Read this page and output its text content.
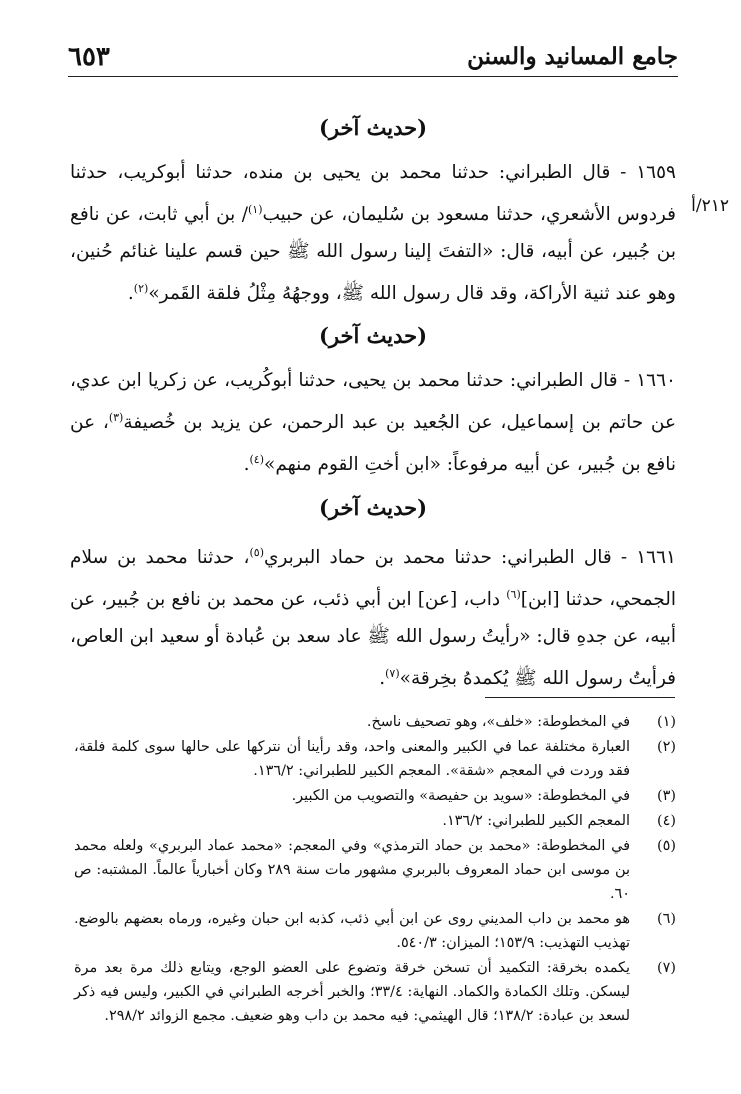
٦٥٣	جامع المسانيد والسنن
٢١٢/أ
(حديث آخر)

١٦٥٩ - قال الطبراني: حدثنا محمد بن يحيى بن منده، حدثنا أبوكريب، حدثنا فردوس الأشعري، حدثنا مسعود بن سُليمان، عن حبيب$^{(١)}$/ بن أبي ثابت، عن نافع بن جُبير، عن أبيه، قال: «التفتَ إلينا رسول الله ﷺ حين قسم علينا غنائم حُنين، وهو عند ثنية الأراكة، وقد قال رسول الله ﷺ، ووجهُهُ مِثْلُ فلقة القَمر»$^{(٢)}$.

(حديث آخر)

١٦٦٠ - قال الطبراني: حدثنا محمد بن يحيى، حدثنا أبوكُريب، عن زكريا ابن عدي، عن حاتم بن إسماعيل، عن الجُعيد بن عبد الرحمن، عن يزيد بن خُصيفة$^{(٣)}$، عن نافع بن جُبير، عن أبيه مرفوعاً: «ابن أختِ القوم منهم»$^{(٤)}$.

(حديث آخر)

١٦٦١ - قال الطبراني: حدثنا محمد بن حماد البربري$^{(٥)}$، حدثنا محمد بن سلام الجمحي، حدثنا [ابن]$^{(٦)}$ داب، [عن] ابن أبي ذئب، عن محمد بن نافع بن جُبير، عن أبيه، عن جدهِ قال: «رأيتُ رسول الله ﷺ عاد سعد بن عُبادة أو سعيد ابن العاص، فرأيتُ رسول الله ﷺ يُكمدهُ بخِرقة»$^{(٧)}$.

(١)
في المخطوطة: «خلف»، وهو تصحيف ناسخ.
(٢)
العبارة مختلفة عما في الكبير والمعنى واحد، وقد رأينا أن نتركها على حالها سوى كلمة فلقة، فقد وردت في المعجم «شقة». المعجم الكبير للطبراني: ١٣٦/٢.
(٣)
في المخطوطة: «سويد بن حفيصة» والتصويب من الكبير.
(٤)
المعجم الكبير للطبراني: ١٣٦/٢.
(٥)
في المخطوطة: «محمد بن حماد الترمذي» وفي المعجم: «محمد عماد البربري» ولعله محمد بن موسى ابن حماد المعروف بالبربري مشهور مات سنة ٢٨٩ وكان أخبارياً عالماً. المشتبه: ص ٦٠.
(٦)
هو محمد بن داب المديني روى عن ابن أبي ذئب، كذبه ابن حبان وغيره، ورماه بعضهم بالوضع. تهذيب التهذيب: ١٥٣/٩؛ الميزان: ٥٤٠/٣.
(٧)
يكمده بخرقة: التكميد أن تسخن خرقة وتضوع على العضو الوجع، ويتابع ذلك مرة بعد مرة ليسكن. وتلك الكمادة والكماد. النهاية: ٣٣/٤؛ والخبر أخرجه الطبراني في الكبير، وليس فيه ذكر لسعد بن عبادة: ١٣٨/٢؛ قال الهيثمي: فيه محمد بن داب وهو ضعيف. مجمع الزوائد ٢٩٨/٢.
